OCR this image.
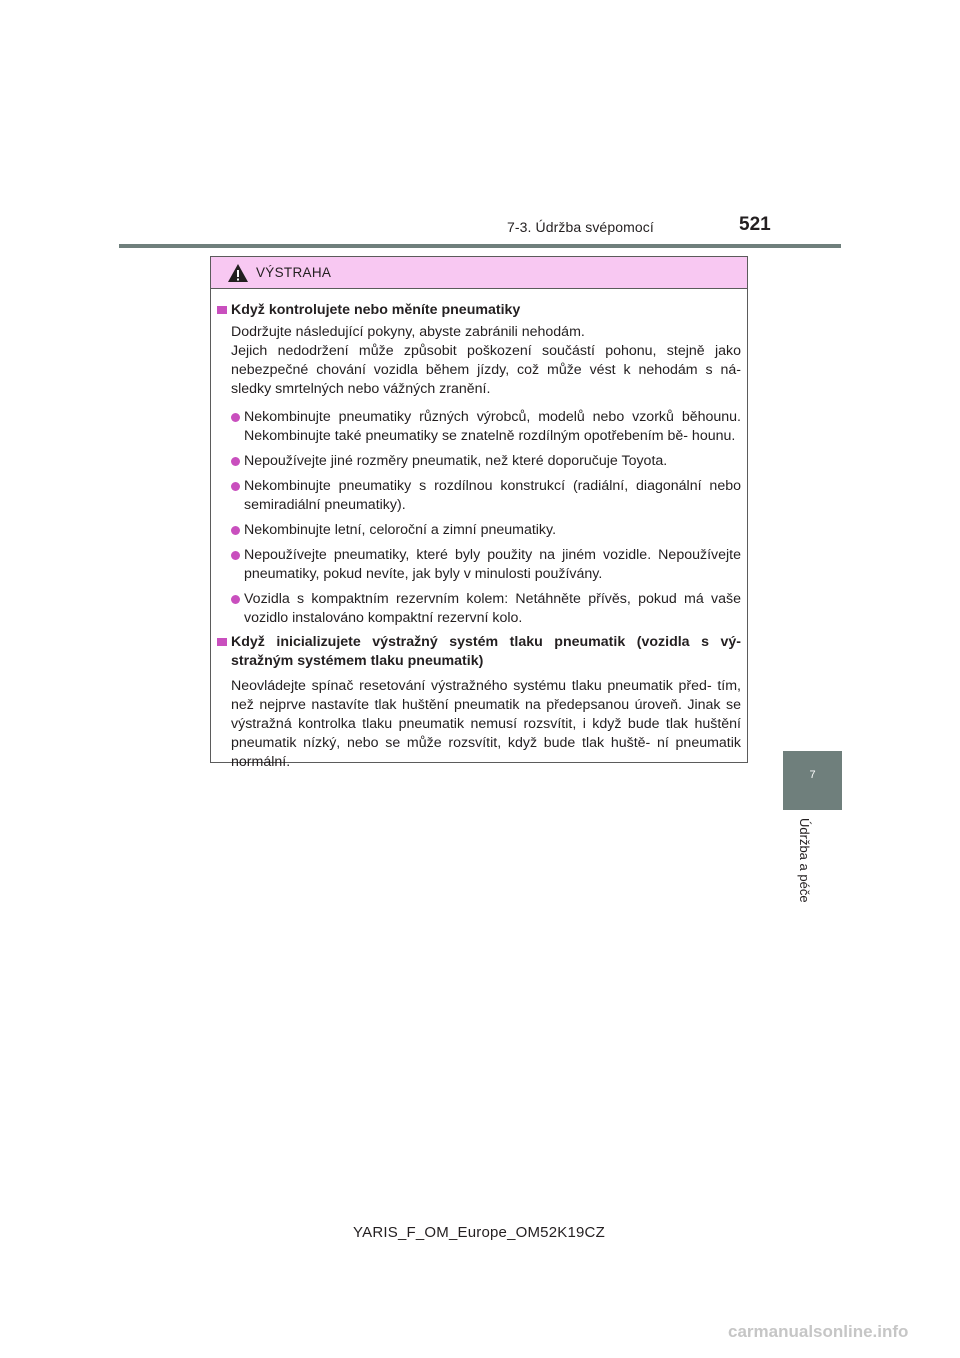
7-3. Údržba svépomocí	521
7
Údržba a péče
VÝSTRAHA
Když kontrolujete nebo měníte pneumatiky
Dodržujte následující pokyny, abyste zabránili nehodám.
Jejich nedodržení může způsobit poškození součástí pohonu, stejně jako nebezpečné chování vozidla během jízdy, což může vést k nehodám s ná- sledky smrtelných nebo vážných zranění.
Nekombinujte pneumatiky různých výrobců, modelů nebo vzorků běhounu. Nekombinujte také pneumatiky se znatelně rozdílným opotřebením bě- hounu.
Nepoužívejte jiné rozměry pneumatik, než které doporučuje Toyota.
Nekombinujte pneumatiky s rozdílnou konstrukcí (radiální, diagonální nebo semiradiální pneumatiky).
Nekombinujte letní, celoroční a zimní pneumatiky.
Nepoužívejte pneumatiky, které byly použity na jiném vozidle. Nepoužívejte pneumatiky, pokud nevíte, jak byly v minulosti používány.
Vozidla s kompaktním rezervním kolem: Netáhněte přívěs, pokud má vaše vozidlo instalováno kompaktní rezervní kolo.
Když inicializujete výstražný systém tlaku pneumatik (vozidla s vý- stražným systémem tlaku pneumatik)
Neovládejte spínač resetování výstražného systému tlaku pneumatik před- tím, než nejprve nastavíte tlak huštění pneumatik na předepsanou úroveň. Jinak se výstražná kontrolka tlaku pneumatik nemusí rozsvítit, i když bude tlak huštění pneumatik nízký, nebo se může rozsvítit, když bude tlak huště- ní pneumatik normální.
YARIS_F_OM_Europe_OM52K19CZ
carmanualsonline.info
